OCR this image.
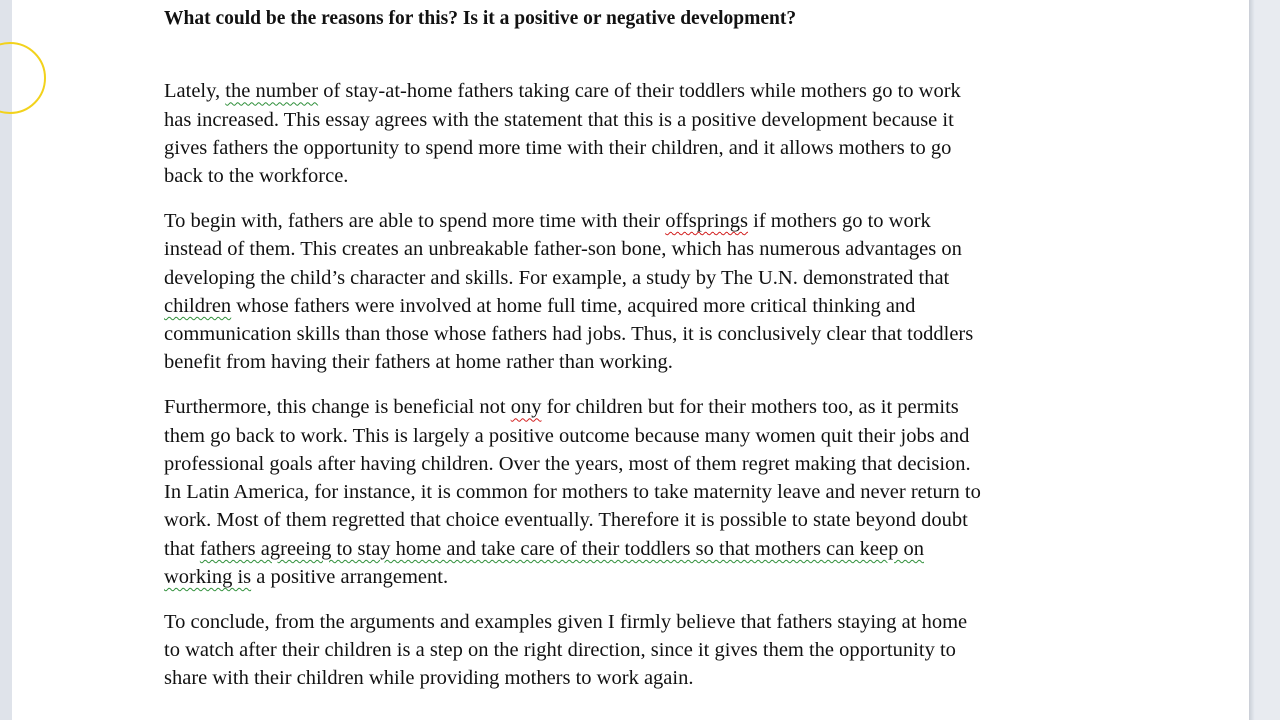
What could be the reasons for this? Is it a positive or negative development?
Lately, the number of stay-at-home fathers taking care of their toddlers while mothers go to work
has increased. This essay agrees with the statement that this is a positive development because it
gives fathers the opportunity to spend more time with their children, and it allows mothers to go
back to the workforce.
To begin with, fathers are able to spend more time with their offsprings if mothers go to work
instead of them. This creates an unbreakable father-son bone, which has numerous advantages on
developing the child’s character and skills. For example, a study by The U.N. demonstrated that
children whose fathers were involved at home full time, acquired more critical thinking and
communication skills than those whose fathers had jobs. Thus, it is conclusively clear that toddlers
benefit from having their fathers at home rather than working.
Furthermore, this change is beneficial not ony for children but for their mothers too, as it permits
them go back to work. This is largely a positive outcome because many women quit their jobs and
professional goals after having children. Over the years, most of them regret making that decision.
In Latin America, for instance, it is common for mothers to take maternity leave and never return to
work. Most of them regretted that choice eventually. Therefore it is possible to state beyond doubt
that fathers agreeing to stay home and take care of their toddlers so that mothers can keep on
working is a positive arrangement.
To conclude, from the arguments and examples given I firmly believe that fathers staying at home
to watch after their children is a step on the right direction, since it gives them the opportunity to
share with their children while providing mothers to work again.
